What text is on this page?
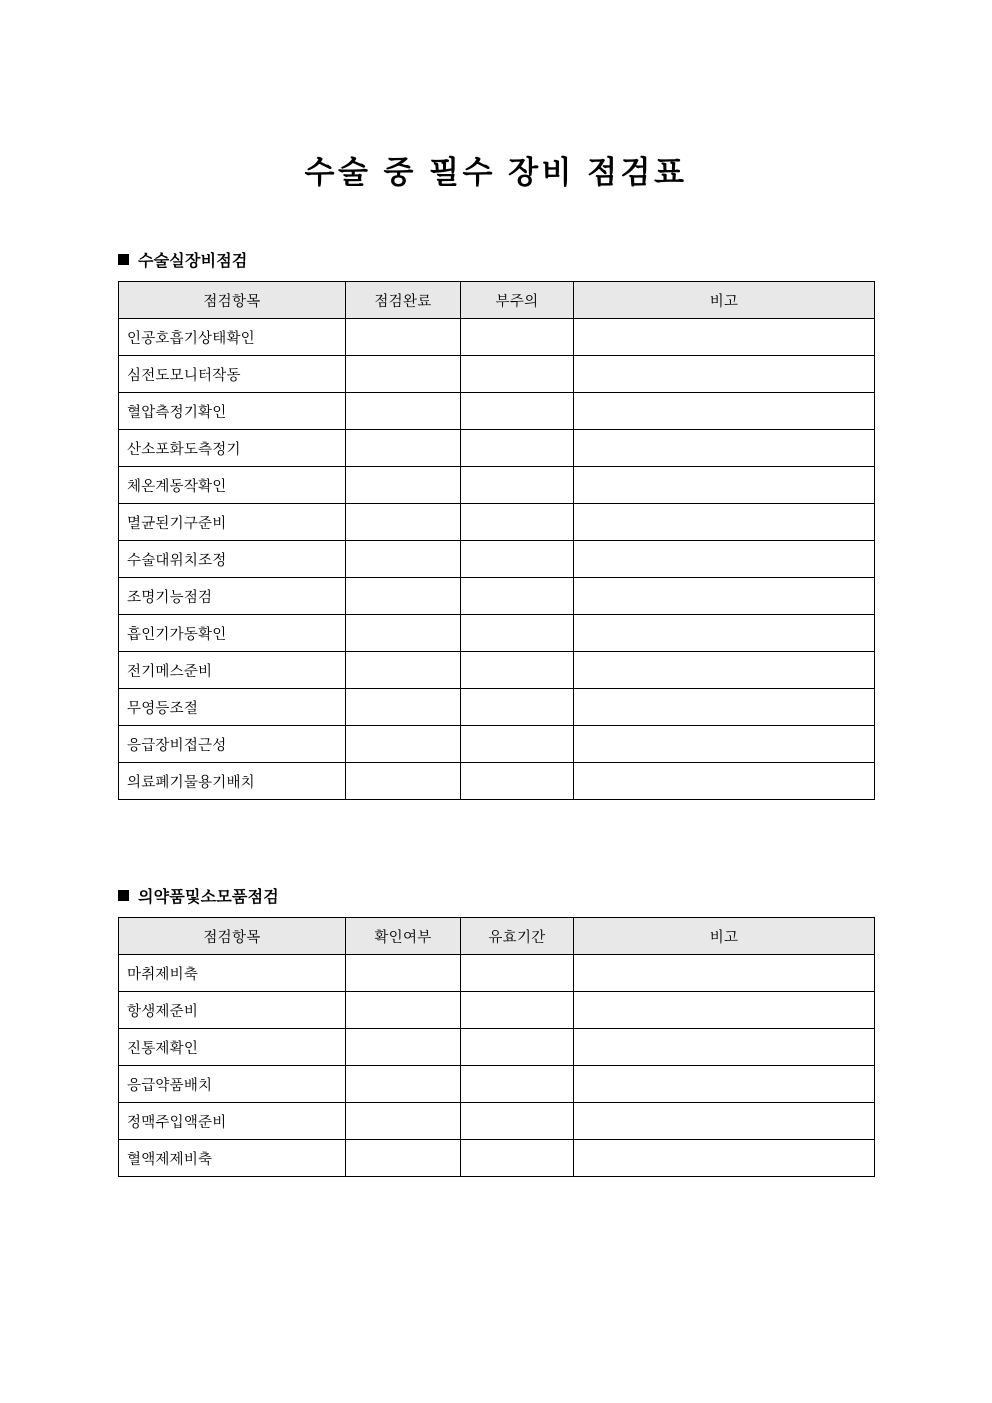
수술 중 필수 장비 점검표
수술실장비점검
점검항목	점검완료	부주의	비고
인공호흡기상태확인			
심전도모니터작동			
혈압측정기확인			
산소포화도측정기			
체온계동작확인			
멸균된기구준비			
수술대위치조정			
조명기능점검			
흡인기가동확인			
전기메스준비			
무영등조절			
응급장비접근성			
의료폐기물용기배치			
의약품및소모품점검
점검항목	확인여부	유효기간	비고
마취제비축			
항생제준비			
진통제확인			
응급약품배치			
정맥주입액준비			
혈액제제비축			
